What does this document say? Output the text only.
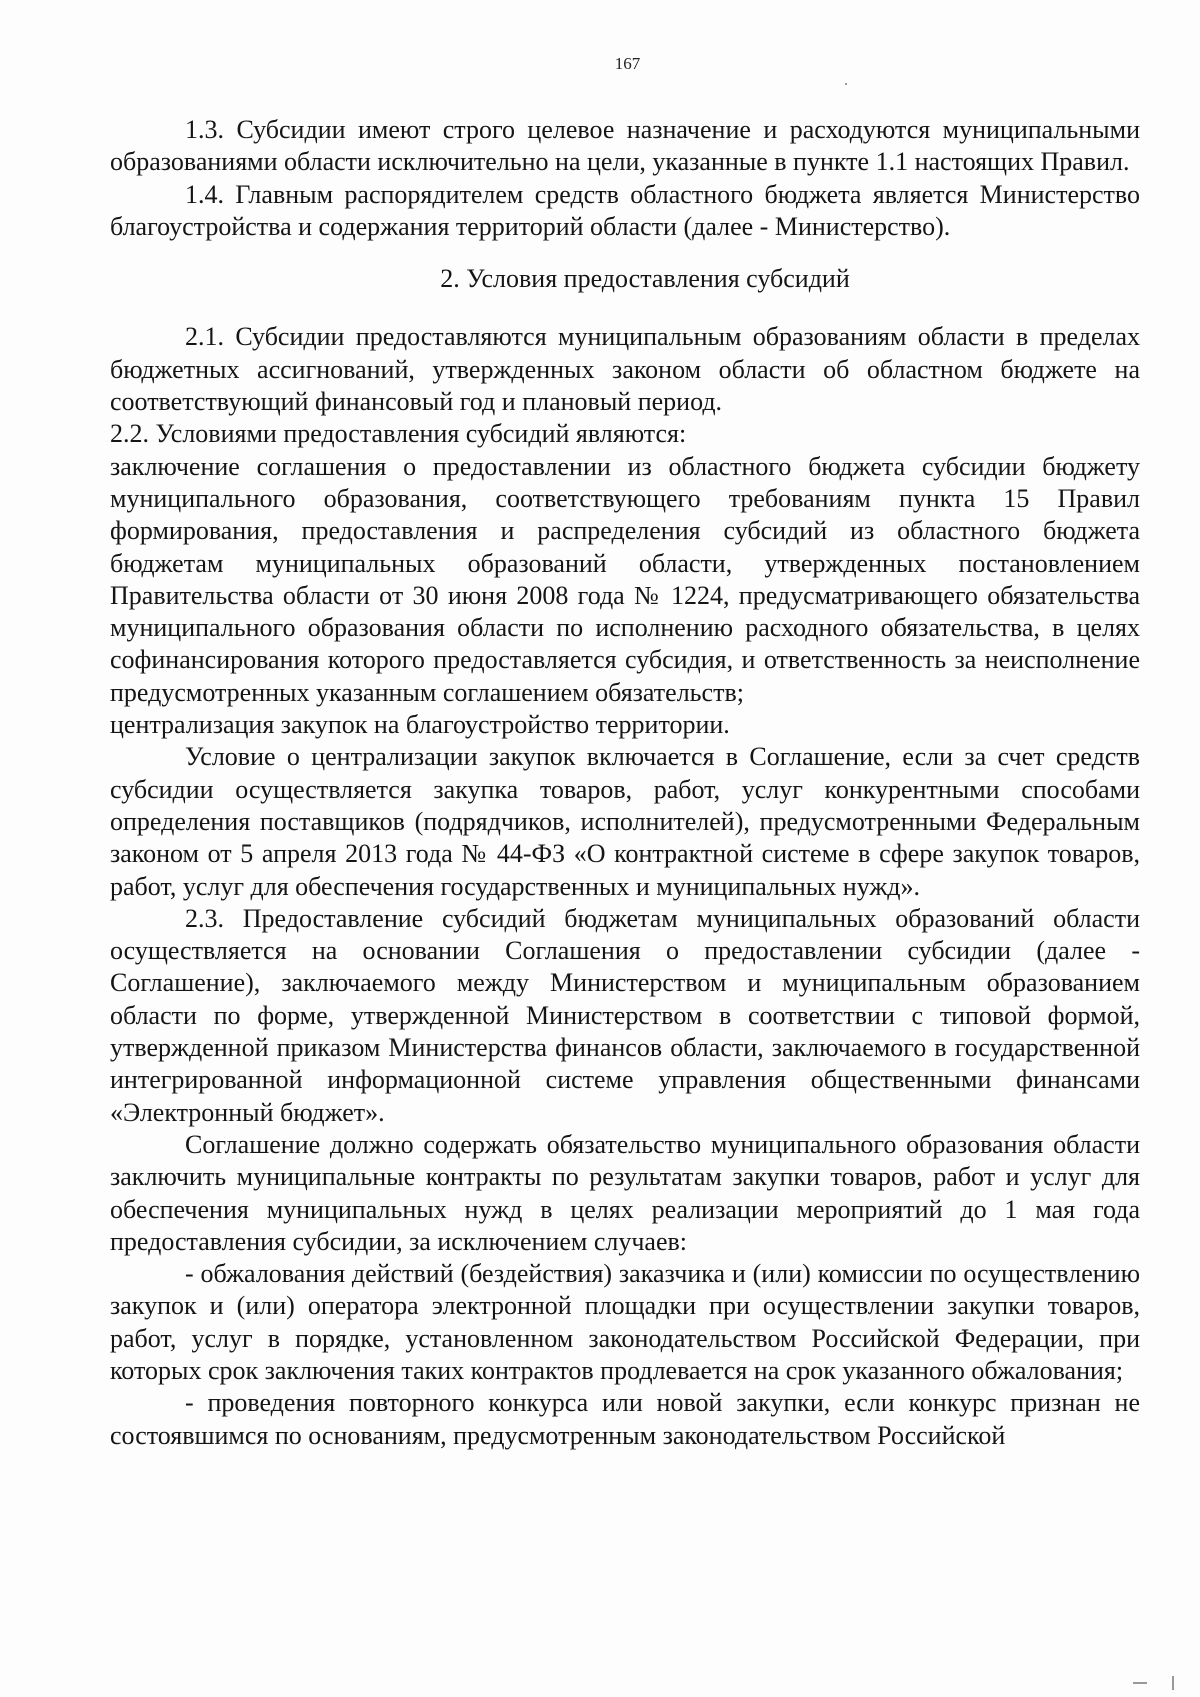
167

1.3. Субсидии имеют строго целевое назначение и расходуются муниципальными образованиями области исключительно на цели, указанные в пункте 1.1 настоящих Правил.

1.4. Главным распорядителем средств областного бюджета является Министерство благоустройства и содержания территорий области (далее - Министерство).

2. Условия предоставления субсидий

2.1. Субсидии предоставляются муниципальным образованиям области в пределах бюджетных ассигнований, утвержденных законом области об областном бюджете на соответствующий финансовый год и плановый период.

2.2. Условиями предоставления субсидий являются:

заключение соглашения о предоставлении из областного бюджета субсидии бюджету муниципального образования, соответствующего требованиям пункта 15 Правил формирования, предоставления и распределения субсидий из областного бюджета бюджетам муниципальных образований области, утвержденных постановлением Правительства области от 30 июня 2008 года № 1224, предусматривающего обязательства муниципального образования области по исполнению расходного обязательства, в целях софинансирования которого предоставляется субсидия, и ответственность за неисполнение предусмотренных указанным соглашением обязательств;

централизация закупок на благоустройство территории.

Условие о централизации закупок включается в Соглашение, если за счет средств субсидии осуществляется закупка товаров, работ, услуг конкурентными способами определения поставщиков (подрядчиков, исполнителей), предусмотренными Федеральным законом от 5 апреля 2013 года № 44-ФЗ «О контрактной системе в сфере закупок товаров, работ, услуг для обеспечения государственных и муниципальных нужд».

2.3. Предоставление субсидий бюджетам муниципальных образований области осуществляется на основании Соглашения о предоставлении субсидии (далее - Соглашение), заключаемого между Министерством и муниципальным образованием области по форме, утвержденной Министерством в соответствии с типовой формой, утвержденной приказом Министерства финансов области, заключаемого в государственной интегрированной информационной системе управления общественными финансами «Электронный бюджет».

Соглашение должно содержать обязательство муниципального образования области заключить муниципальные контракты по результатам закупки товаров, работ и услуг для обеспечения муниципальных нужд в целях реализации мероприятий до 1 мая года предоставления субсидии, за исключением случаев:

- обжалования действий (бездействия) заказчика и (или) комиссии по осуществлению закупок и (или) оператора электронной площадки при осуществлении закупки товаров, работ, услуг в порядке, установленном законодательством Российской Федерации, при которых срок заключения таких контрактов продлевается на срок указанного обжалования;

- проведения повторного конкурса или новой закупки, если конкурс признан не состоявшимся по основаниям, предусмотренным законодательством Российской
